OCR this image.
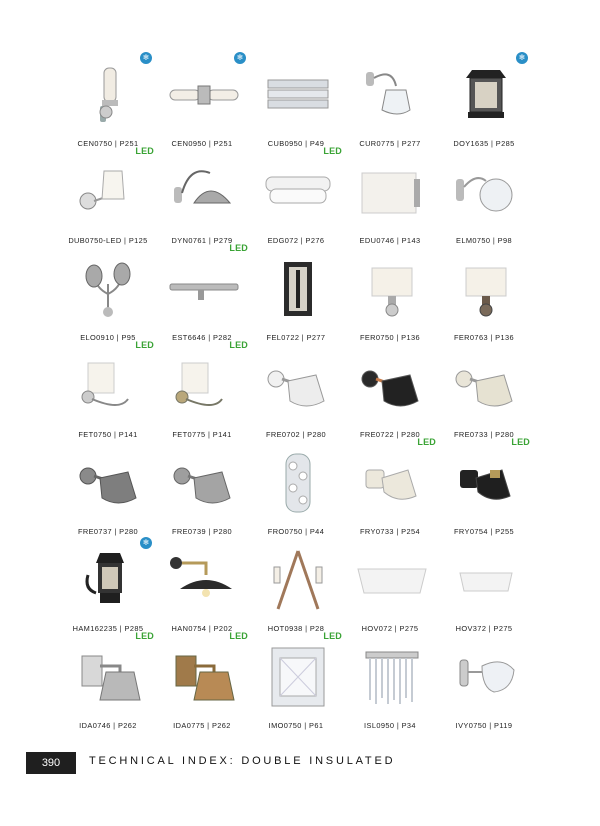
❄
CEN0750 | P251
❄
CEN0950 | P251	CUB0950 | P49	CUR0775 | P277
❄
DOY1635 | P285
LED
DUB0750-LED | P125	DYN0761 | P279
LED
EDG072 | P276	EDU0746 | P143	ELM0750 | P98
ELO0910 | P95
LED
EST6646 | P282	FEL0722 | P277	FER0750 | P136	FER0763 | P136
LED
FET0750 | P141
LED
FET0775 | P141	FRE0702 | P280	FRE0722 | P280	FRE0733 | P280
FRE0737 | P280	FRE0739 | P280	FRO0750 | P44
LED
FRY0733 | P254
LED
FRY0754 | P255
❄
HAM162235 | P285	HAN0754 | P202	HOT0938 | P28	HOV072 | P275	HOV372 | P275
LED
IDA0746 | P262
LED
IDA0775 | P262
LED
IMO0750 | P61	ISL0950 | P34	IVY0750 | P119
390	TECHNICAL INDEX: DOUBLE INSULATED
